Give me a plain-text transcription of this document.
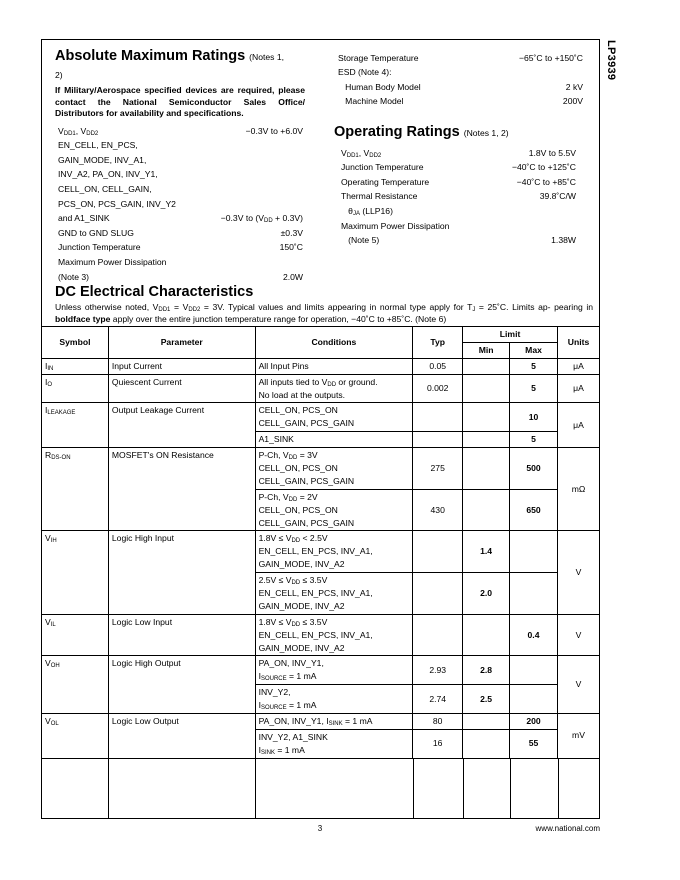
LP3939
Absolute Maximum Ratings (Notes 1,
2)
If Military/Aerospace specified devices are required, please contact the National Semiconductor Sales Office/ Distributors for availability and specifications.
$V_{DD1}$, $V_{DD2}$	−0.3V to +6.0V
EN_CELL, EN_PCS,
GAIN_MODE, INV_A1,
INV_A2, PA_ON, INV_Y1,
CELL_ON, CELL_GAIN,
PCS_ON, PCS_GAIN, INV_Y2
and A1_SINK	−0.3V to $(V_{DD} + 0.3V)$
GND to GND SLUG	±0.3V
Junction Temperature	150˚C
Maximum Power Dissipation
(Note 3)	2.0W
Storage Temperature	−65˚C to +150˚C
ESD (Note 4):
Human Body Model	2 kV
Machine Model	200V
Operating Ratings (Notes 1, 2)
$V_{DD1}$, $V_{DD2}$	1.8V to 5.5V
Junction Temperature	−40˚C to +125˚C
Operating Temperature	−40˚C to +85˚C
Thermal Resistance	39.8˚C/W
$\theta_{JA}$ (LLP16)
Maximum Power Dissipation
(Note 5)	1.38W
DC Electrical Characteristics
Unless otherwise noted, $V_{DD1} = V_{DD2} = 3V$. Typical values and limits appearing in normal type apply for $T_J$ = 25˚C. Limits ap- pearing in boldface type apply over the entire junction temperature range for operation, −40˚C to +85˚C. (Note 6)
Symbol	Parameter	Conditions	Typ	Limit		Units
				Min	Max	
$I_{IN}$	Input Current	All Input Pins	0.05		5	μA
$I_O$	Quiescent Current	All inputs tied to $V_{DD}$ or ground.
No load at the outputs.	0.002		5	μA
$I_{LEAKAGE}$	Output Leakage Current	CELL_ON, PCS_ON
CELL_GAIN, PCS_GAIN			10	μA
		A1_SINK			5	
$R_{DS-ON}$	MOSFET's ON Resistance	P-Ch, $V_{DD} = 3V$
CELL_ON, PCS_ON
CELL_GAIN, PCS_GAIN	275		500	mΩ
		P-Ch, $V_{DD} = 2V$
CELL_ON, PCS_ON
CELL_GAIN, PCS_GAIN	430		650	
$V_{IH}$	Logic High Input	$1.8V \le V_{DD} < 2.5V$
EN_CELL, EN_PCS, INV_A1,
GAIN_MODE, INV_A2		1.4		V
		$2.5V \le V_{DD} \le 3.5V$
EN_CELL, EN_PCS, INV_A1,
GAIN_MODE, INV_A2		2.0		
$V_{IL}$	Logic Low Input	$1.8V \le V_{DD} \le 3.5V$
EN_CELL, EN_PCS, INV_A1,
GAIN_MODE, INV_A2			0.4	V
$V_{OH}$	Logic High Output	PA_ON, INV_Y1,
$I_{SOURCE} = 1$ mA	2.93	2.8		V
		INV_Y2,
$I_{SOURCE} = 1$ mA	2.74	2.5		
$V_{OL}$	Logic Low Output	PA_ON, INV_Y1, $I_{SINK} = 1$ mA	80		200	mV
		INV_Y2, A1_SINK
$I_{SINK} = 1$ mA	16		55	
3	www.national.com
